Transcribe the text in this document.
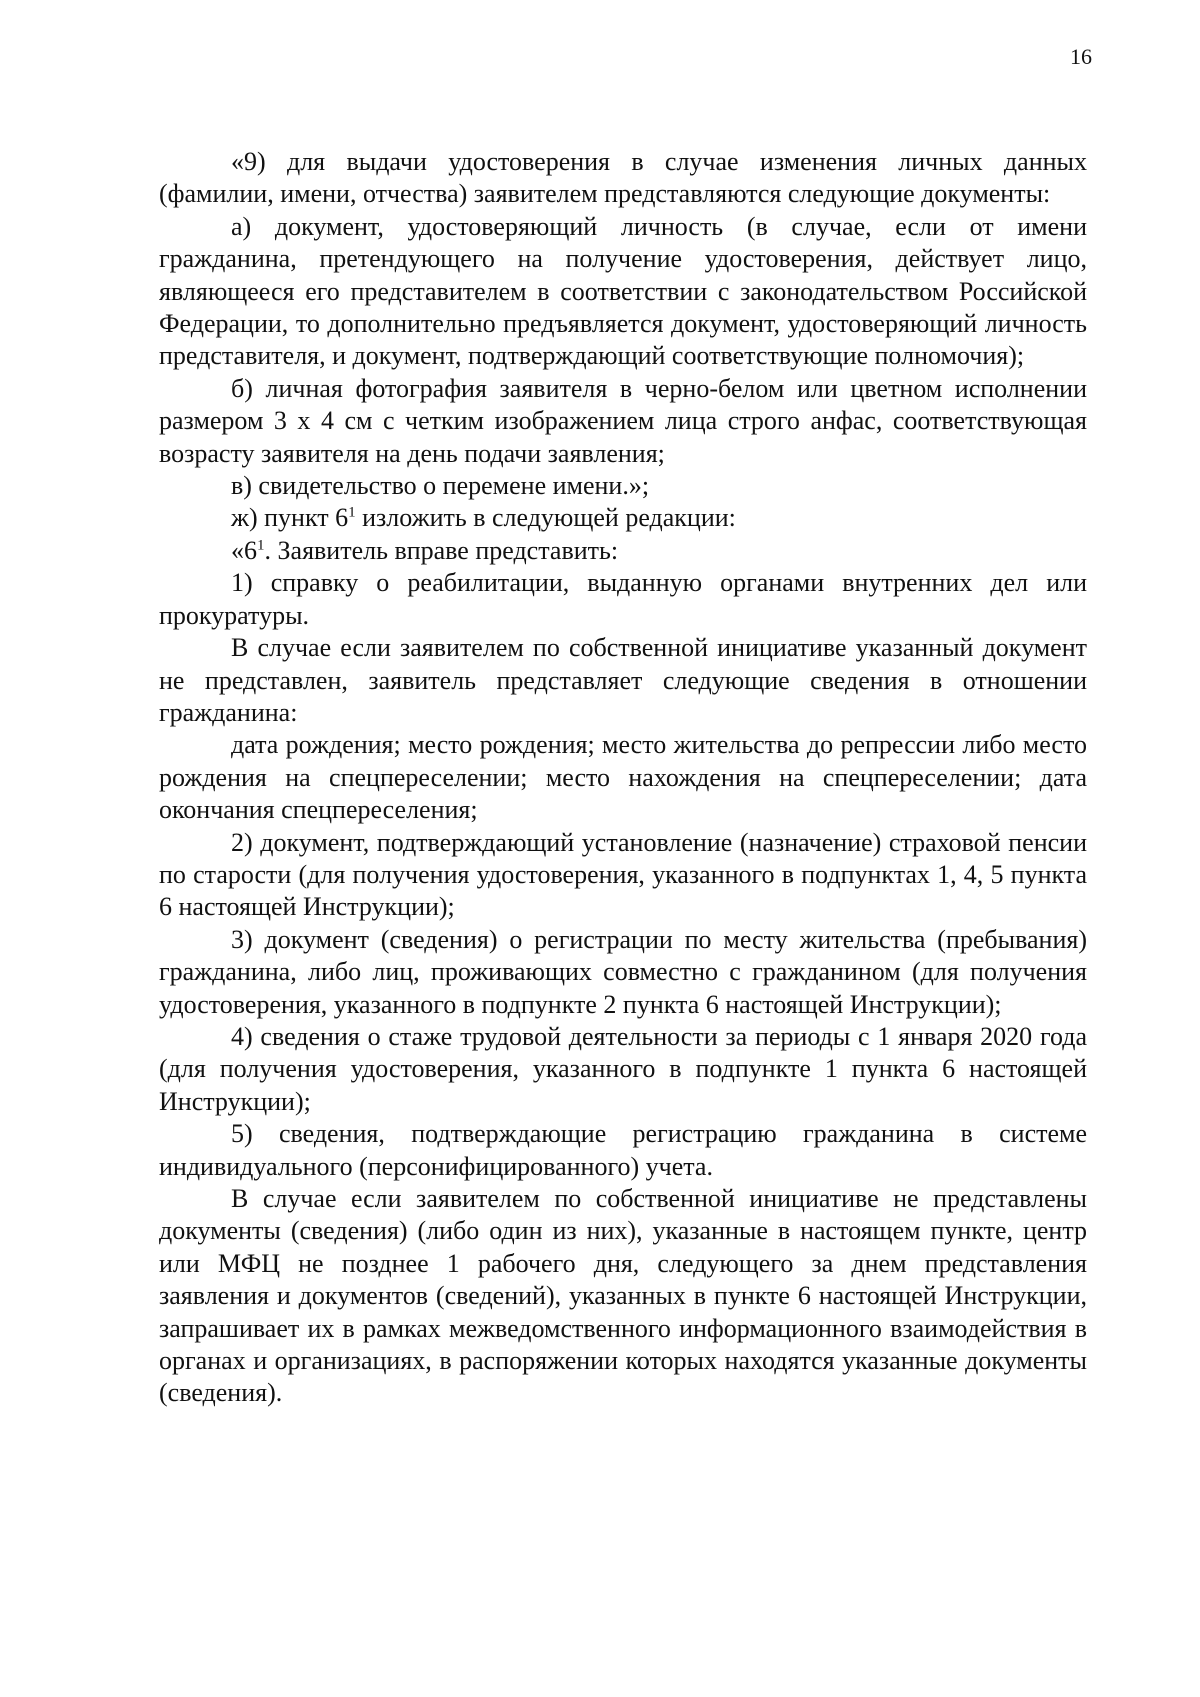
16

«9) для выдачи удостоверения в случае изменения личных данных (фамилии, имени, отчества) заявителем представляются следующие документы:

а) документ, удостоверяющий личность (в случае, если от имени гражданина, претендующего на получение удостоверения, действует лицо, являющееся его представителем в соответствии с законодательством Российской Федерации, то дополнительно предъявляется документ, удостоверяющий личность представителя, и документ, подтверждающий соответствующие полномочия);

б) личная фотография заявителя в черно-белом или цветном исполнении размером 3 х 4 см с четким изображением лица строго анфас, соответствующая возрасту заявителя на день подачи заявления;

в) свидетельство о перемене имени.»;

ж) пункт $6^1$ изложить в следующей редакции:

«$6^1$. Заявитель вправе представить:

1) справку о реабилитации, выданную органами внутренних дел или прокуратуры.

В случае если заявителем по собственной инициативе указанный документ не представлен, заявитель представляет следующие сведения в отношении гражданина:

дата рождения; место рождения; место жительства до репрессии либо место рождения на спецпереселении; место нахождения на спецпереселении; дата окончания спецпереселения;

2) документ, подтверждающий установление (назначение) страховой пенсии по старости (для получения удостоверения, указанного в подпунктах 1, 4, 5 пункта 6 настоящей Инструкции);

3) документ (сведения) о регистрации по месту жительства (пребывания) гражданина, либо лиц, проживающих совместно с гражданином (для получения удостоверения, указанного в подпункте 2 пункта 6 настоящей Инструкции);

4) сведения о стаже трудовой деятельности за периоды с 1 января 2020 года (для получения удостоверения, указанного в подпункте 1 пункта 6 настоящей Инструкции);

5) сведения, подтверждающие регистрацию гражданина в системе индивидуального (персонифицированного) учета.

В случае если заявителем по собственной инициативе не представлены документы (сведения) (либо один из них), указанные в настоящем пункте, центр или МФЦ не позднее 1 рабочего дня, следующего за днем представления заявления и документов (сведений), указанных в пункте 6 настоящей Инструкции, запрашивает их в рамках межведомственного информационного взаимодействия в органах и организациях, в распоряжении которых находятся указанные документы (сведения).
